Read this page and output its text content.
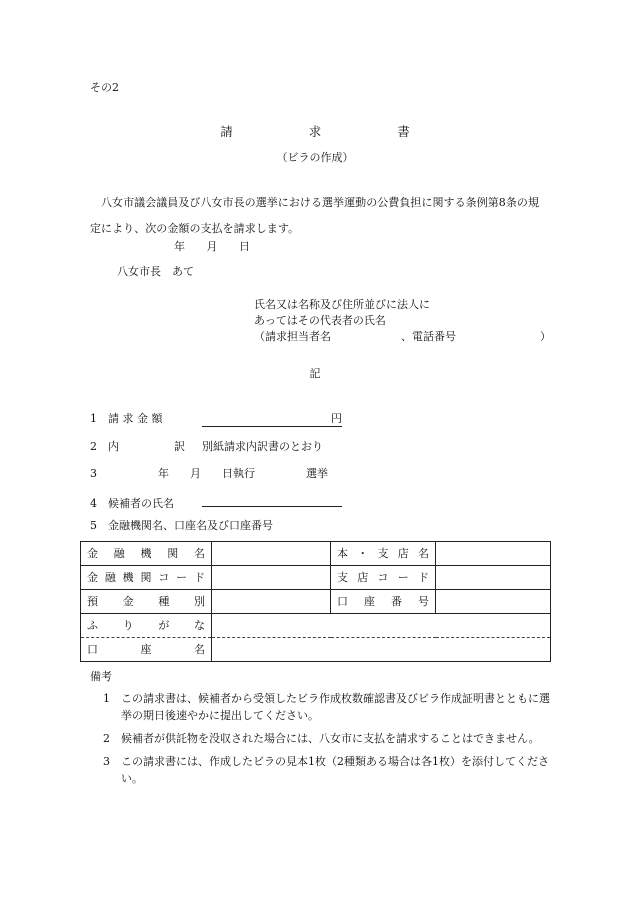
その2
請	求	書
（ビラの作成）
八女市議会議員及び八女市長の選挙における選挙運動の公費負担に関する条例第8条の規定により、次の金額の支払を請求します。
年 月 日
八女市長　あて
氏名又は名称及び住所並びに法人に
あってはその代表者の氏名
（請求担当者名	、電話番号	）
記
1 請 求 金 額	円
2 内	訳 別紙請求内訳書のとおり
3	年 月 日執行	選挙
4 候補者の氏名
5 金融機関名、口座名及び口座番号
金 融 機 関 名		本 ・ 支 店 名	
金融機関コード		支 店 コ ー ド	
預 金 種 別		口 座 番 号	
ふ り が な			
口 座 名			
備考
1 この請求書は、候補者から受領したビラ作成枚数確認書及びビラ作成証明書とともに選挙の期日後速やかに提出してください。
2 候補者が供託物を没収された場合には、八女市に支払を請求することはできません。
3 この請求書には、作成したビラの見本1枚（2種類ある場合は各1枚）を添付してください。
